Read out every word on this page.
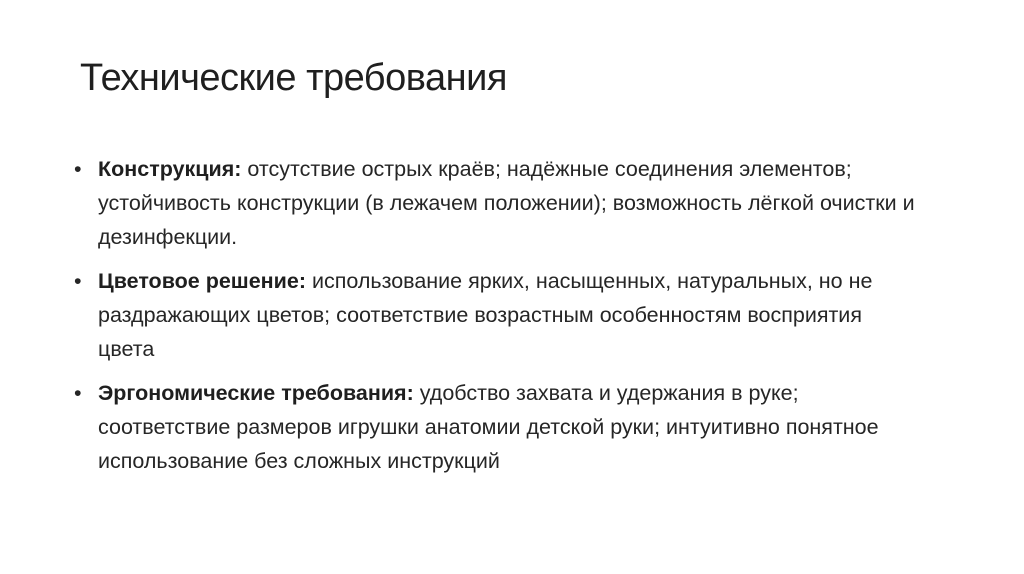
Технические требования
• Конструкция: отсутствие острых краёв; надёжные соединения элементов; устойчивость конструкции (в лежачем положении); возможность лёгкой очистки и дезинфекции.
• Цветовое решение: использование ярких, насыщенных, натуральных, но не раздражающих цветов; соответствие возрастным особенностям восприятия цвета
• Эргономические требования: удобство захвата и удержания в руке; соответствие размеров игрушки анатомии детской руки; интуитивно понятное использование без сложных инструкций
